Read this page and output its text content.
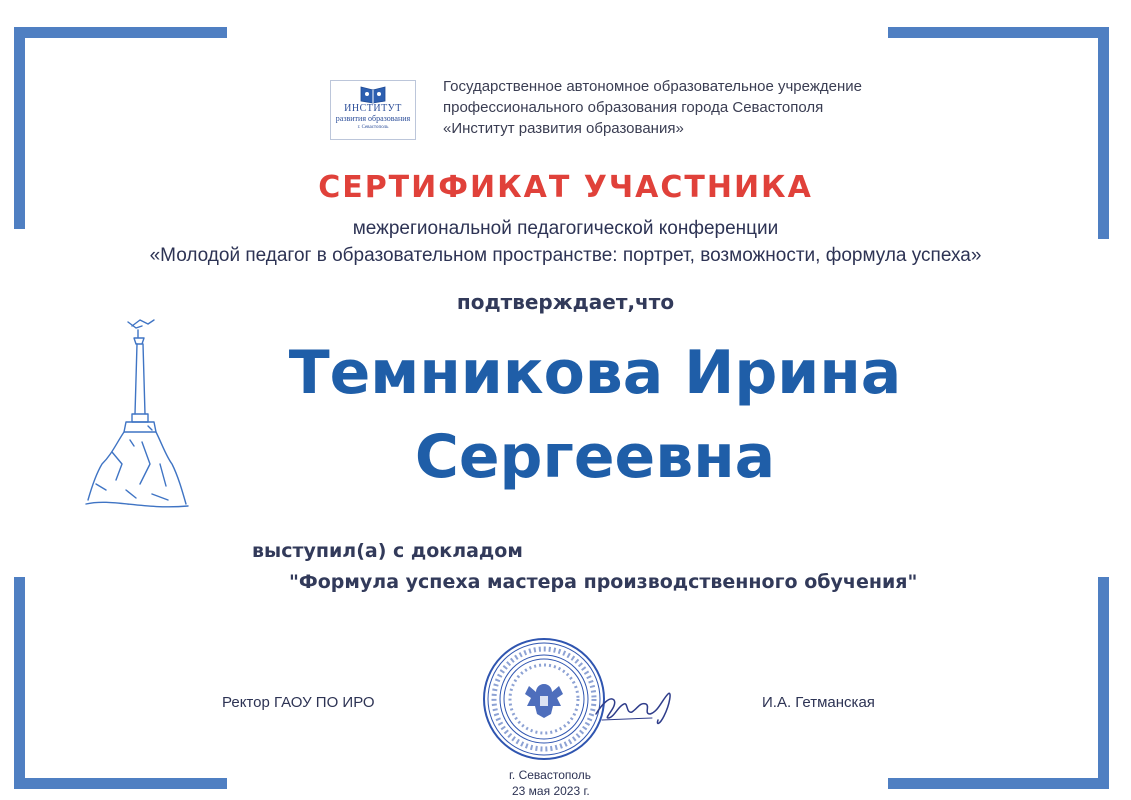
ИНСТИТУТ
развития образования
г. Севастополь
Государственное автономное образовательное учреждение
профессионального образования города Севастополя
«Институт развития образования»
СЕРТИФИКАТ УЧАСТНИКА
межрегиональной педагогической конференции
«Молодой педагог в образовательном пространстве: портрет, возможности, формула успеха»
подтверждает,что
Темникова Ирина
Сергеевна
выступил(а) с докладом
"Формула успеха мастера производственного обучения"
Ректор ГАОУ ПО ИРО	И.А. Гетманская
г. Севастополь
23 мая 2023 г.
